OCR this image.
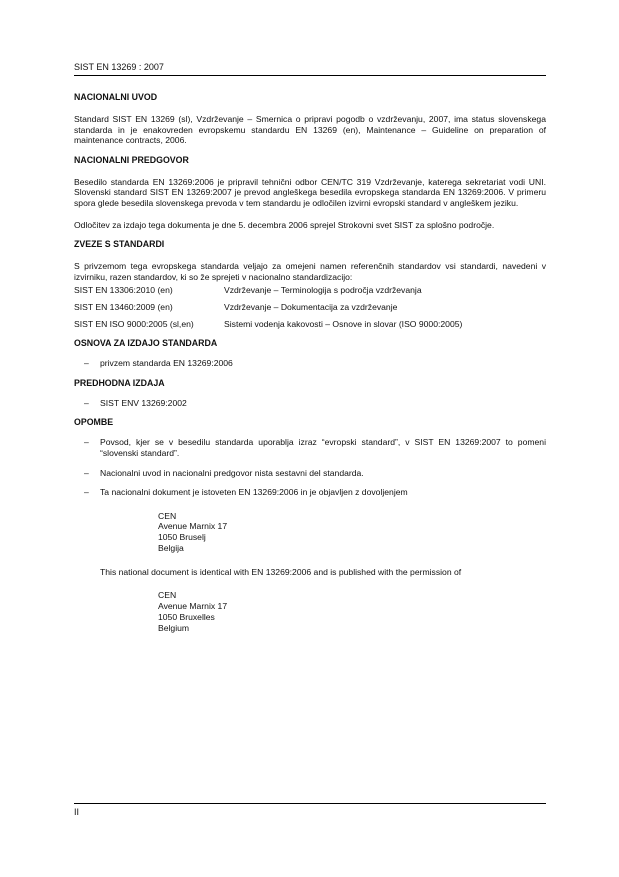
SIST EN 13269 : 2007
NACIONALNI UVOD

Standard SIST EN 13269 (sl), Vzdrževanje – Smernica o pripravi pogodb o vzdrževanju, 2007, ima status slovenskega standarda in je enakovreden evropskemu standardu EN 13269 (en), Maintenance – Guideline on preparation of maintenance contracts, 2006.

NACIONALNI PREDGOVOR

Besedilo standarda EN 13269:2006 je pripravil tehnični odbor CEN/TC 319 Vzdrževanje, katerega sekretariat vodi UNI. Slovenski standard SIST EN 13269:2007 je prevod angleškega besedila evropskega standarda EN 13269:2006. V primeru spora glede besedila slovenskega prevoda v tem standardu je odločilen izvirni evropski standard v angleškem jeziku.

Odločitev za izdajo tega dokumenta je dne 5. decembra 2006 sprejel Strokovni svet SIST za splošno področje.

ZVEZE S STANDARDI

S privzemom tega evropskega standarda veljajo za omejeni namen referenčnih standardov vsi standardi, navedeni v izvirniku, razen standardov, ki so že sprejeti v nacionalno standardizacijo:

SIST EN 13306:2010 (en)	Vzdrževanje – Terminologija s področja vzdrževanja
SIST EN 13460:2009 (en)	Vzdrževanje – Dokumentacija za vzdrževanje
SIST EN ISO 9000:2005 (sl,en)	Sistemi vodenja kakovosti – Osnove in slovar (ISO 9000:2005)
OSNOVA ZA IZDAJO STANDARDA
–	privzem standarda EN 13269:2006
PREDHODNA IZDAJA
–	SIST ENV 13269:2002
OPOMBE
–	Povsod, kjer se v besedilu standarda uporablja izraz “evropski standard”, v SIST EN 13269:2007 to pomeni “slovenski standard”.
–	Nacionalni uvod in nacionalni predgovor nista sestavni del standarda.
–	Ta nacionalni dokument je istoveten EN 13269:2006 in je objavljen z dovoljenjem
CEN
Avenue Marnix 17
1050 Bruselj
Belgija

This national document is identical with EN 13269:2006 and is published with the permission of

CEN
Avenue Marnix 17
1050 Bruxelles
Belgium
II
